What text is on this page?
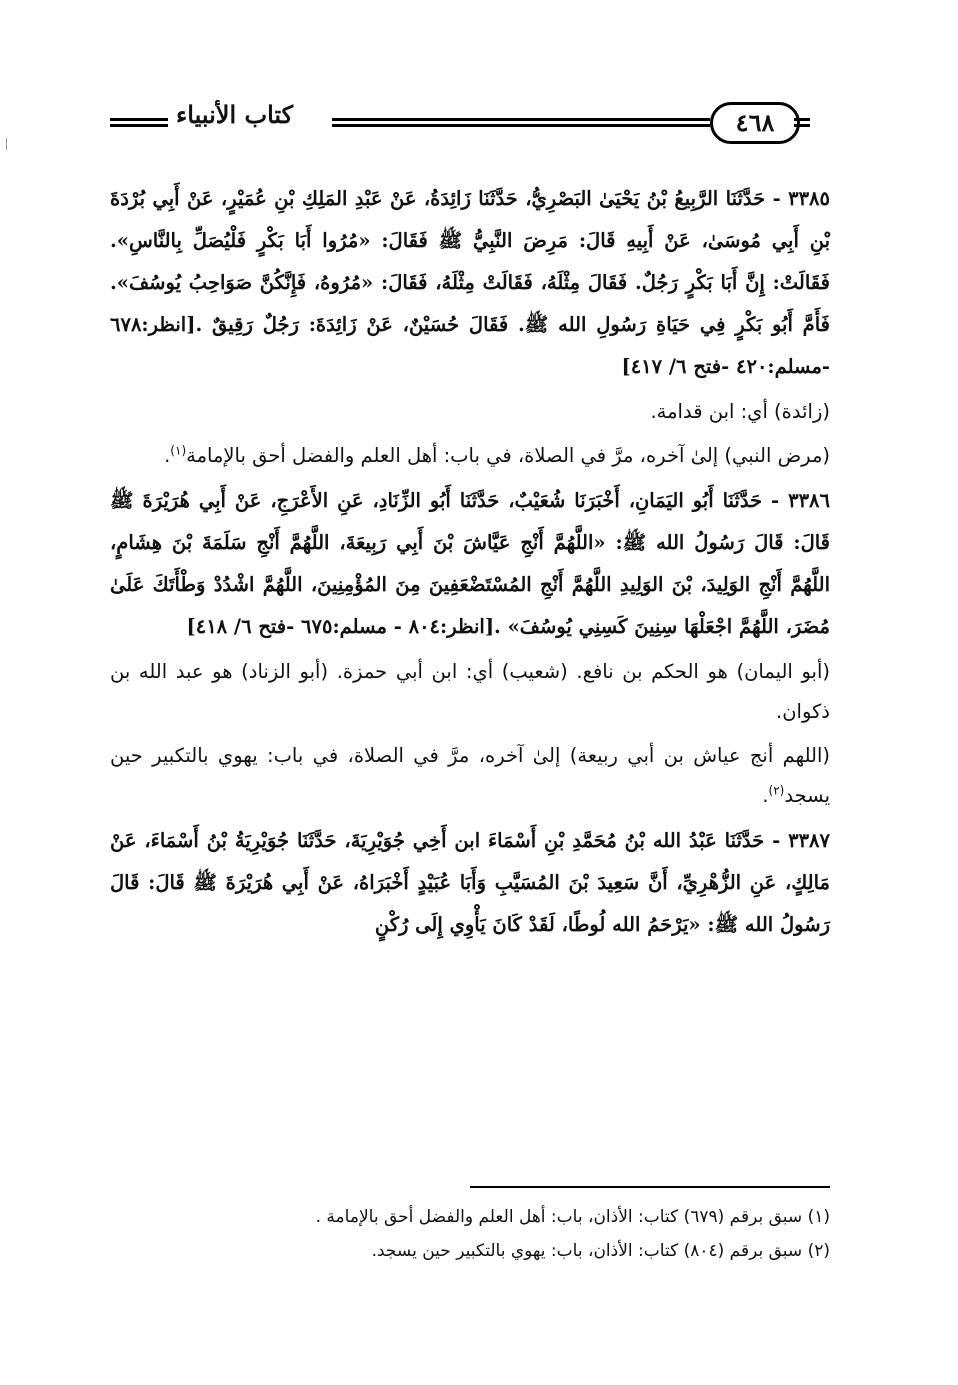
كتاب الأنبياء	٤٦٨

٣٣٨٥ - حَدَّثَنَا الرَّبِيعُ بْنُ يَحْيَىٰ البَصْرِيُّ، حَدَّثَنَا زَائِدَةُ، عَنْ عَبْدِ المَلِكِ بْنِ عُمَيْرٍ، عَنْ أَبِي بُرْدَةَ بْنِ أَبِي مُوسَىٰ، عَنْ أَبِيهِ قَالَ: مَرِضَ النَّبِيُّ ﷺ فَقَالَ: «مُرُوا أَبَا بَكْرٍ فَلْيُصَلِّ بِالنَّاسِ». فَقَالَتْ: إِنَّ أَبَا بَكْرٍ رَجُلٌ. فَقَالَ مِثْلَهُ، فَقَالَتْ مِثْلَهُ، فَقَالَ: «مُرُوهُ، فَإِنَّكُنَّ صَوَاحِبُ يُوسُفَ». فَأَمَّ أَبُو بَكْرٍ فِي حَيَاةِ رَسُولِ الله ﷺ. فَقَالَ حُسَيْنٌ، عَنْ زَائِدَةَ: رَجُلٌ رَقِيقٌ .[انظر:٦٧٨ -مسلم:٤٢٠ -فتح ٦/ ٤١٧]

(زائدة) أي: ابن قدامة.

(مرض النبي) إلىٰ آخره، مرَّ في الصلاة، في باب: أهل العلم والفضل أحق بالإمامة$^{(١)}$.

٣٣٨٦ - حَدَّثَنَا أَبُو اليَمَانِ، أَخْبَرَنَا شُعَيْبٌ، حَدَّثَنَا أَبُو الزِّنَادِ، عَنِ الأَعْرَجِ، عَنْ أَبِي هُرَيْرَةَ ﷺ قَالَ: قَالَ رَسُولُ الله ﷺ: «اللَّهُمَّ أَنْجِ عَيَّاشَ بْنَ أَبِي رَبِيعَةَ، اللَّهُمَّ أَنْجِ سَلَمَةَ بْنَ هِشَامٍ، اللَّهُمَّ أَنْجِ الوَلِيدَ، بْنَ الوَلِيدِ اللَّهُمَّ أَنْجِ المُسْتَضْعَفِينَ مِنَ المُؤْمِنِينَ، اللَّهُمَّ اشْدُدْ وَطْأَتَكَ عَلَىٰ مُضَرَ، اللَّهُمَّ اجْعَلْهَا سِنِينَ كَسِنِي يُوسُفَ» .[انظر:٨٠٤ - مسلم:٦٧٥ -فتح ٦/ ٤١٨]

(أبو اليمان) هو الحكم بن نافع. (شعيب) أي: ابن أبي حمزة. (أبو الزناد) هو عبد الله بن ذكوان.

(اللهم أنج عياش بن أبي ربيعة) إلىٰ آخره، مرَّ في الصلاة، في باب: يهوي بالتكبير حين يسجد$^{(٢)}$.

٣٣٨٧ - حَدَّثَنَا عَبْدُ الله بْنُ مُحَمَّدِ بْنِ أَسْمَاءَ ابن أَخِي جُوَيْرِيَةَ، حَدَّثَنَا جُوَيْرِيَةُ بْنُ أَسْمَاءَ، عَنْ مَالِكٍ، عَنِ الزُّهْرِيِّ، أَنَّ سَعِيدَ بْنَ المُسَيَّبِ وَأَبَا عُبَيْدٍ أَخْبَرَاهُ، عَنْ أَبِي هُرَيْرَةَ ﷺ قَالَ: قَالَ رَسُولُ الله ﷺ: «يَرْحَمُ الله لُوطًا، لَقَدْ كَانَ يَأْوِي إِلَى رُكْنٍ

(١) سبق برقم (٦٧٩) كتاب: الأذان، باب: أهل العلم والفضل أحق بالإمامة .

(٢) سبق برقم (٨٠٤) كتاب: الأذان، باب: يهوي بالتكبير حين يسجد.
